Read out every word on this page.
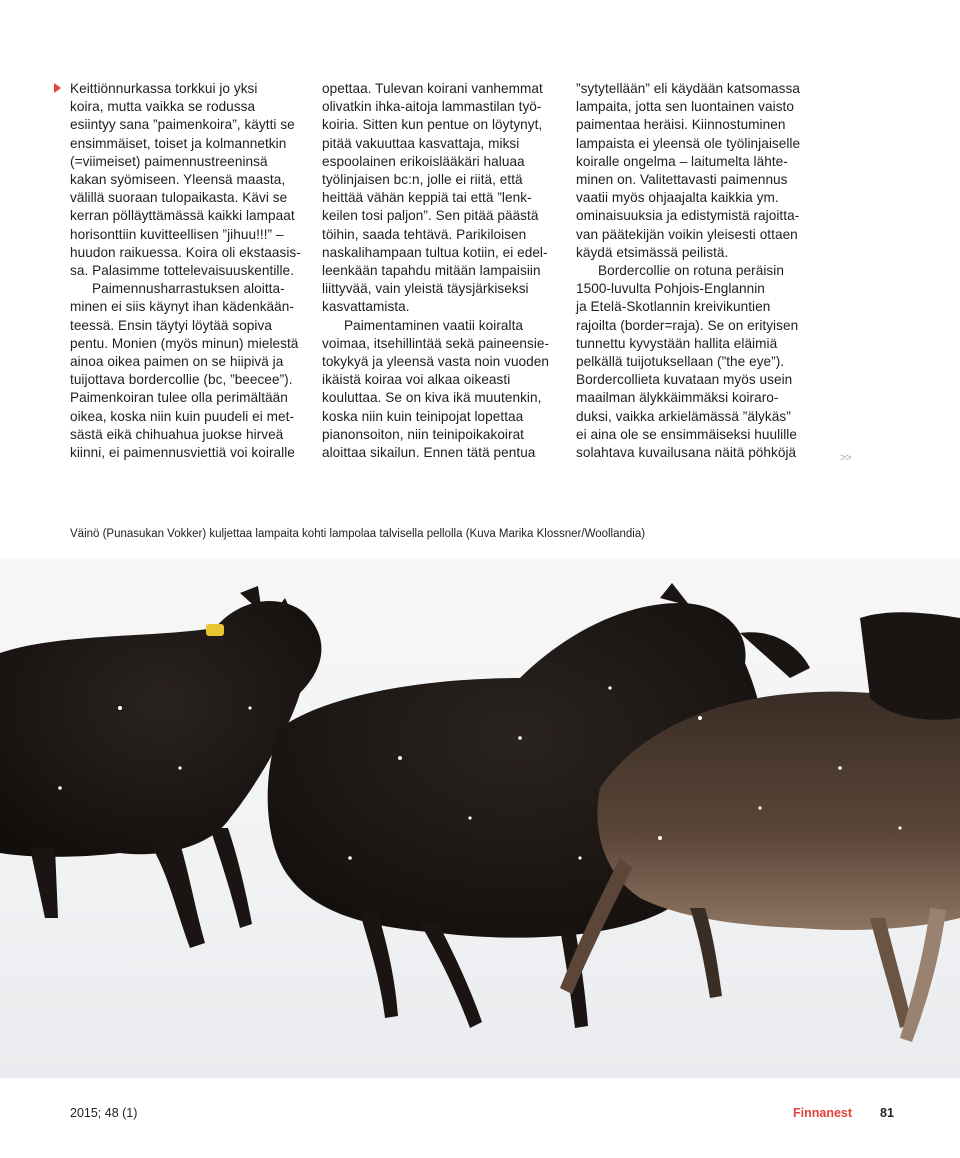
Keittiönnurkassa torkkui jo yksi

koira, mutta vaikka se rodussa

esiintyy sana ”paimenkoira”, käytti se

ensimmäiset, toiset ja kolmannetkin

(=viimeiset) paimennustreeninsä

kakan syömiseen. Yleensä maasta,

välillä suoraan tulopaikasta. Kävi se

kerran pölläyttämässä kaikki lampaat

horisonttiin kuvitteellisen ”jihuu!!!” –

huudon raikuessa. Koira oli ekstaasis-

sa. Palasimme tottelevaisuuskentille.

Paimennusharrastuksen aloitta-

minen ei siis käynyt ihan kädenkään-

teessä. Ensin täytyi löytää sopiva

pentu. Monien (myös minun) mielestä

ainoa oikea paimen on se hiipivä ja

tuijottava bordercollie (bc, ”beecee”).

Paimenkoiran tulee olla perimältään

oikea, koska niin kuin puudeli ei met-

sästä eikä chihuahua juokse hirveä

kiinni, ei paimennusviettiä voi koiralle

opettaa. Tulevan koirani vanhemmat

olivatkin ihka-aitoja lammastilan työ-

koiria. Sitten kun pentue on löytynyt,

pitää vakuuttaa kasvattaja, miksi

espoolainen erikoislääkäri haluaa

työlinjaisen bc:n, jolle ei riitä, että

heittää vähän keppiä tai että ”lenk-

keilen tosi paljon”. Sen pitää päästä

töihin, saada tehtävä. Parikiloisen

naskalihampaan tultua kotiin, ei edel-

leenkään tapahdu mitään lampaisiin

liittyvää, vain yleistä täysjärkiseksi

kasvattamista.

Paimentaminen vaatii koiralta

voimaa, itsehillintää sekä paineensie-

tokykyä ja yleensä vasta noin vuoden

ikäistä koiraa voi alkaa oikeasti

kouluttaa. Se on kiva ikä muutenkin,

koska niin kuin teinipojat lopettaa

pianonsoiton, niin teinipoikakoirat

aloittaa sikailun. Ennen tätä pentua

”sytytellään” eli käydään katsomassa

lampaita, jotta sen luontainen vaisto

paimentaa heräisi. Kiinnostuminen

lampaista ei yleensä ole työlinjaiselle

koiralle ongelma – laitumelta lähte-

minen on. Valitettavasti paimennus

vaatii myös ohjaajalta kaikkia ym.

ominaisuuksia ja edistymistä rajoitta-

van päätekijän voikin yleisesti ottaen

käydä etsimässä peilistä.

Bordercollie on rotuna peräisin

1500-luvulta Pohjois-Englannin

ja Etelä-Skotlannin kreivikuntien

rajoilta (border=raja). Se on erityisen

tunnettu kyvystään hallita eläimiä

pelkällä tuijotuksellaan (”the eye”).

Bordercollieta kuvataan myös usein

maailman älykkäimmäksi koiraro-

duksi, vaikka arkielämässä ”älykäs”

ei aina ole se ensimmäiseksi huulille

solahtava kuvailusana näitä pöhköjä	>>
Väinö (Punasukan Vokker) kuljettaa lampaita kohti lampolaa talvisella pellolla (Kuva Marika Klossner/Woollandia)
2015; 48 (1)	Finnanest 81
